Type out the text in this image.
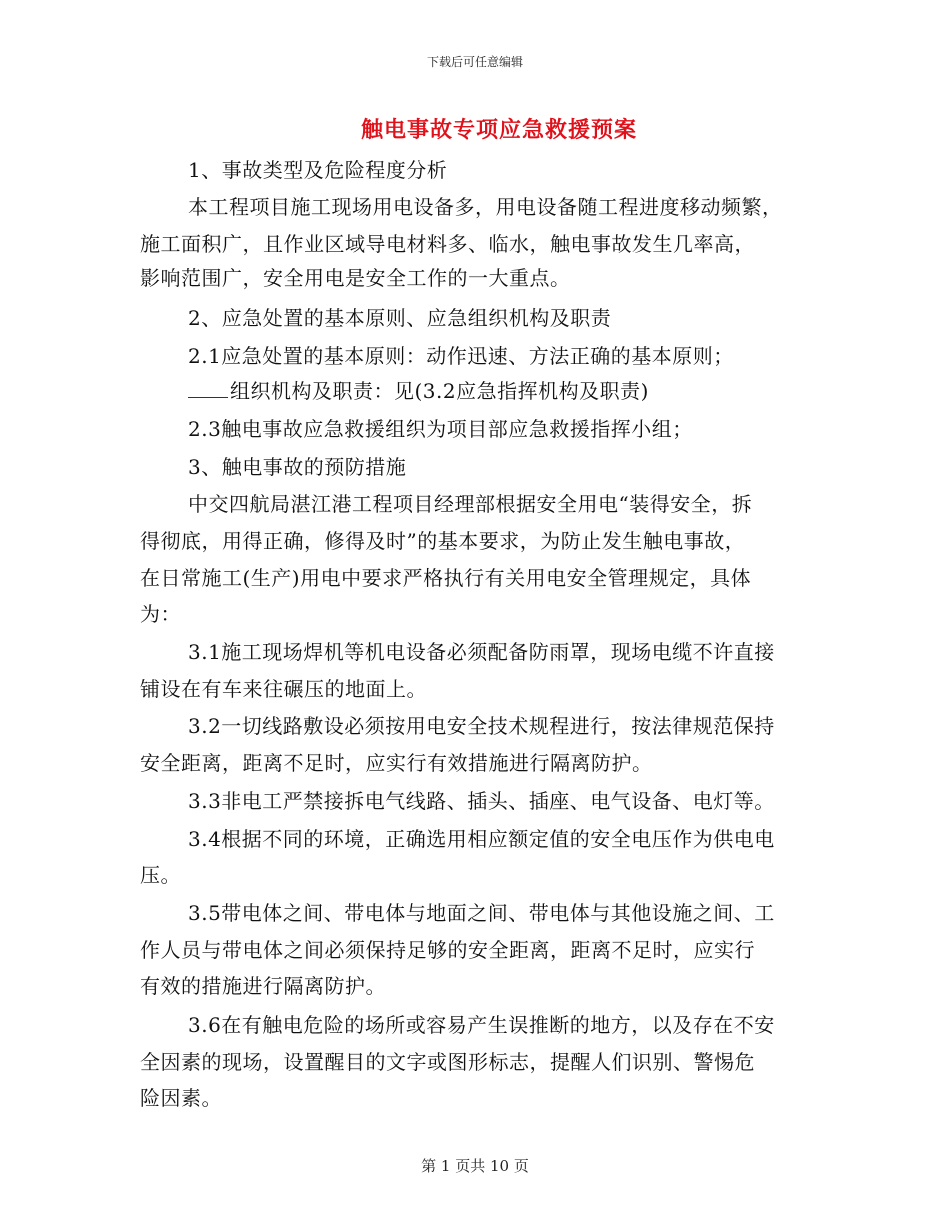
下载后可任意编辑
触电事故专项应急救援预案
1、事故类型及危险程度分析
本工程项目施工现场用电设备多，用电设备随工程进度移动频繁，
施工面积广，且作业区域导电材料多、临水，触电事故发生几率高，
影响范围广，安全用电是安全工作的一大重点。
2、应急处置的基本原则、应急组织机构及职责
2.1应急处置的基本原则：动作迅速、方法正确的基本原则；
组织机构及职责：见(3.2应急指挥机构及职责)
2.3触电事故应急救援组织为项目部应急救援指挥小组；
3、触电事故的预防措施
中交四航局湛江港工程项目经理部根据安全用电“装得安全，拆
得彻底，用得正确，修得及时”的基本要求，为防止发生触电事故，
在日常施工(生产)用电中要求严格执行有关用电安全管理规定，具体
为：
3.1施工现场焊机等机电设备必须配备防雨罩，现场电缆不许直接
铺设在有车来往碾压的地面上。
3.2一切线路敷设必须按用电安全技术规程进行，按法律规范保持
安全距离，距离不足时，应实行有效措施进行隔离防护。
3.3非电工严禁接拆电气线路、插头、插座、电气设备、电灯等。
3.4根据不同的环境，正确选用相应额定值的安全电压作为供电电
压。
3.5带电体之间、带电体与地面之间、带电体与其他设施之间、工
作人员与带电体之间必须保持足够的安全距离，距离不足时，应实行
有效的措施进行隔离防护。
3.6在有触电危险的场所或容易产生误推断的地方，以及存在不安
全因素的现场，设置醒目的文字或图形标志，提醒人们识别、警惕危
险因素。
第 1 页共 10 页
